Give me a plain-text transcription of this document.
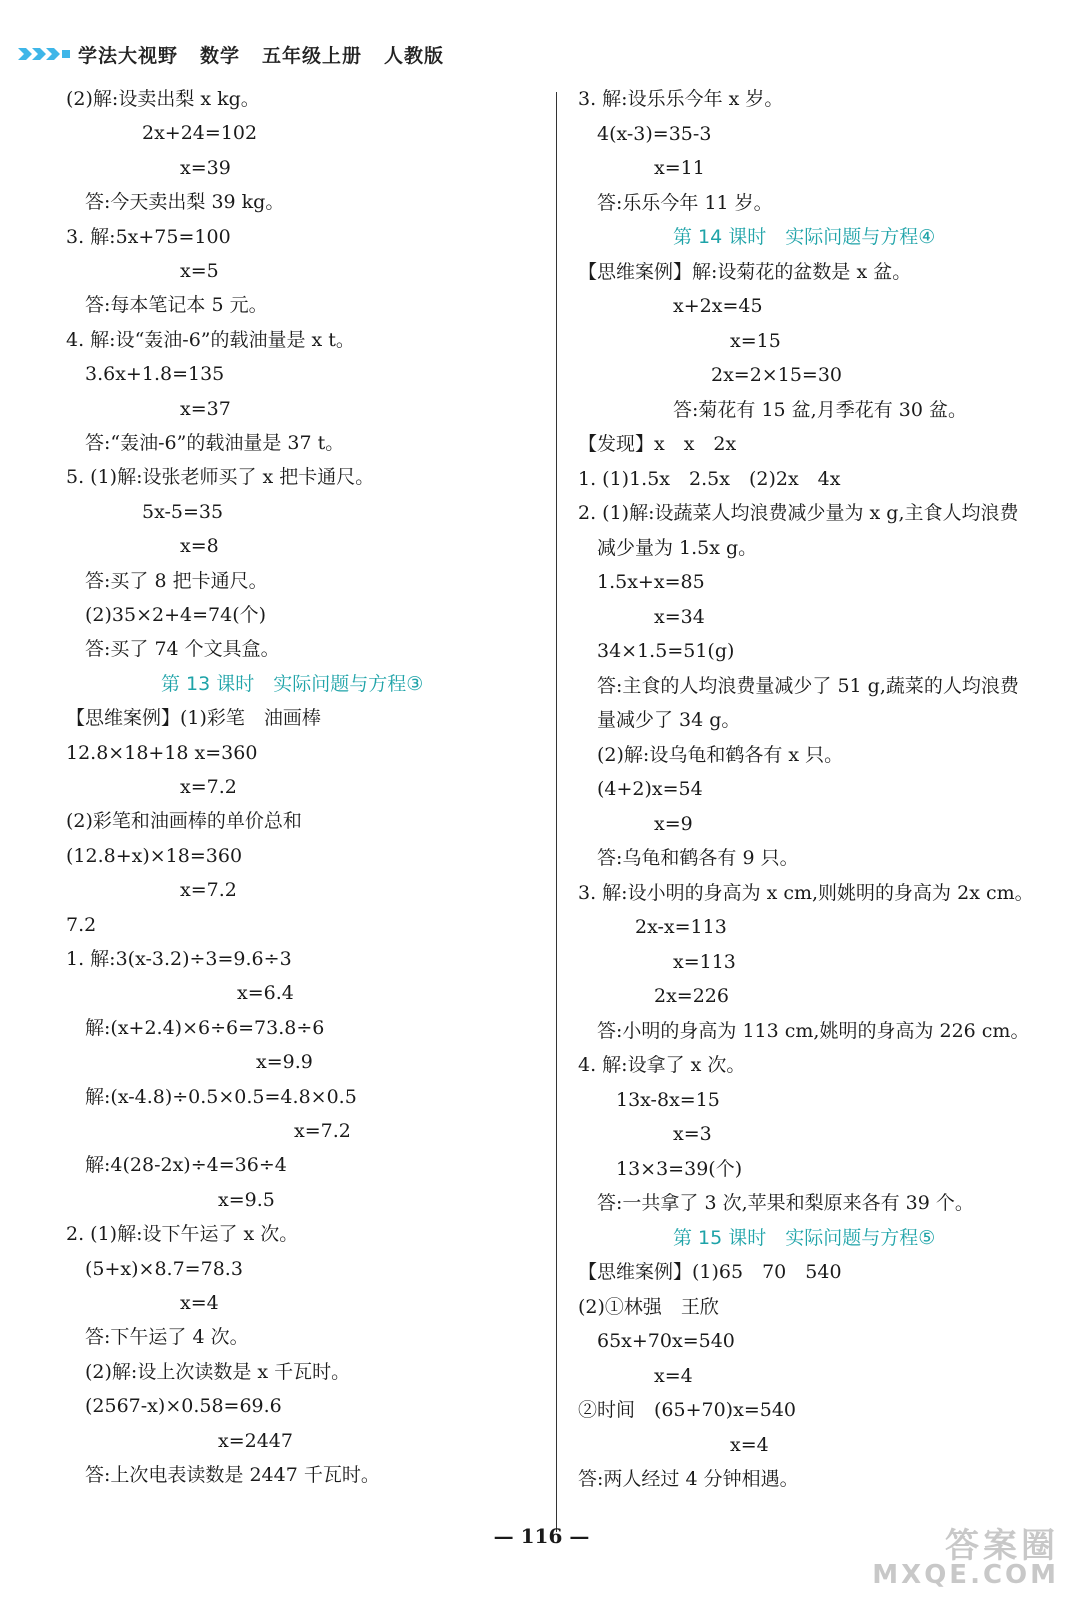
学法大视野 数学 五年级上册 人教版
(2)解:设卖出梨 x kg。
2x+24=102
x=39
答:今天卖出梨 39 kg。
3. 解:5x+75=100
x=5
答:每本笔记本 5 元。
4. 解:设“轰油-6”的载油量是 x t。
3.6x+1.8=135
x=37
答:“轰油-6”的载油量是 37 t。
5. (1)解:设张老师买了 x 把卡通尺。
5x-5=35
x=8
答:买了 8 把卡通尺。
(2)35×2+4=74(个)
答:买了 74 个文具盒。
第 13 课时　实际问题与方程③
【思维案例】(1)彩笔　油画棒
12.8×18+18 x=360
x=7.2
(2)彩笔和油画棒的单价总和
(12.8+x)×18=360
x=7.2
7.2
1. 解:3(x-3.2)÷3=9.6÷3
x=6.4
解:(x+2.4)×6÷6=73.8÷6
x=9.9
解:(x-4.8)÷0.5×0.5=4.8×0.5
x=7.2
解:4(28-2x)÷4=36÷4
x=9.5
2. (1)解:设下午运了 x 次。
(5+x)×8.7=78.3
x=4
答:下午运了 4 次。
(2)解:设上次读数是 x 千瓦时。
(2567-x)×0.58=69.6
x=2447
答:上次电表读数是 2447 千瓦时。
3. 解:设乐乐今年 x 岁。
4(x-3)=35-3
x=11
答:乐乐今年 11 岁。
第 14 课时　实际问题与方程④
【思维案例】解:设菊花的盆数是 x 盆。
x+2x=45
x=15
2x=2×15=30
答:菊花有 15 盆,月季花有 30 盆。
【发现】x　x　2x
1. (1)1.5x　2.5x　(2)2x　4x
2. (1)解:设蔬菜人均浪费减少量为 x g,主食人均浪费
减少量为 1.5x g。
1.5x+x=85
x=34
34×1.5=51(g)
答:主食的人均浪费量减少了 51 g,蔬菜的人均浪费
量减少了 34 g。
(2)解:设乌龟和鹤各有 x 只。
(4+2)x=54
x=9
答:乌龟和鹤各有 9 只。
3. 解:设小明的身高为 x cm,则姚明的身高为 2x cm。
2x-x=113
x=113
2x=226
答:小明的身高为 113 cm,姚明的身高为 226 cm。
4. 解:设拿了 x 次。
13x-8x=15
x=3
13×3=39(个)
答:一共拿了 3 次,苹果和梨原来各有 39 个。
第 15 课时　实际问题与方程⑤
【思维案例】(1)65　70　540
(2)①林强　王欣
65x+70x=540
x=4
②时间　(65+70)x=540
x=4
答:两人经过 4 分钟相遇。
— 116 —	答案圈
MXQE.COM
